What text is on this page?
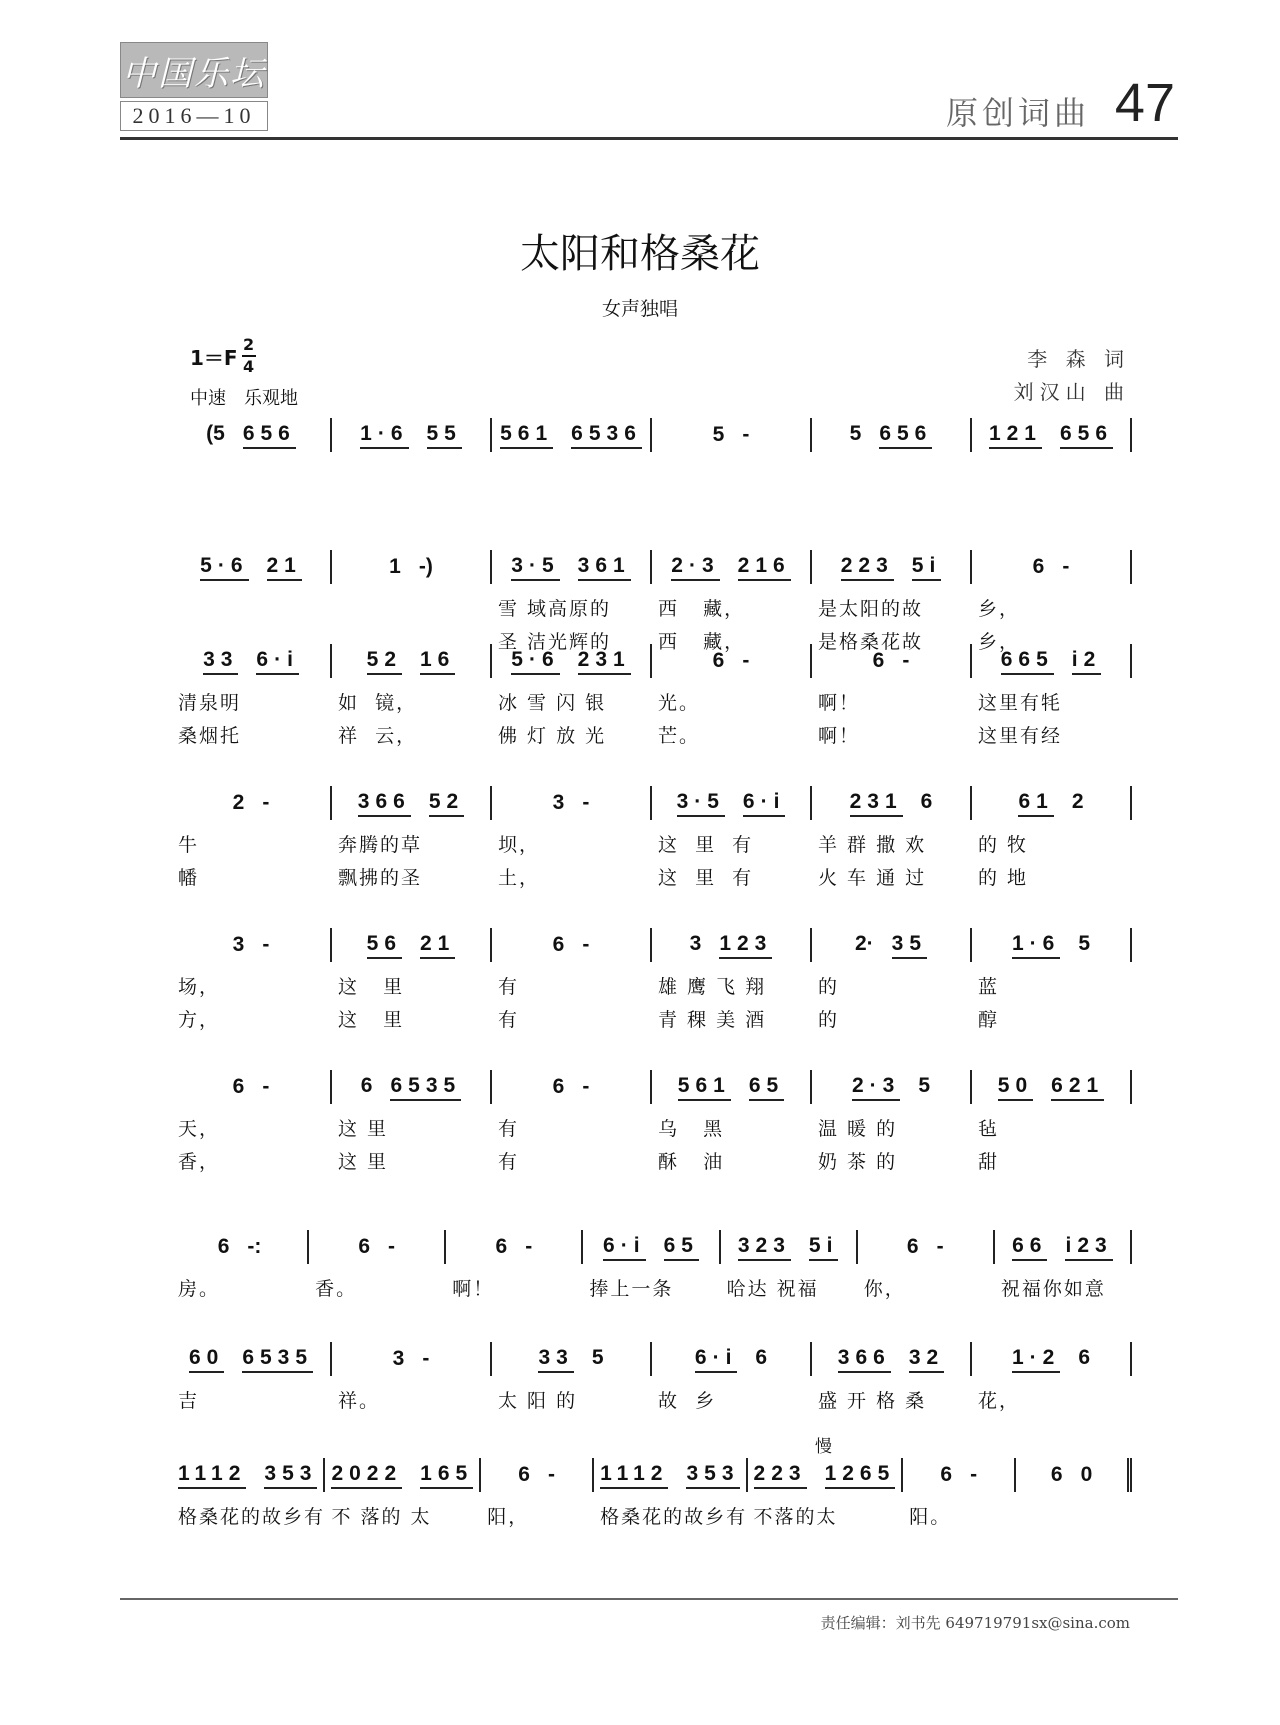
中国乐坛
2016—10	原创词曲 47
太阳和格桑花
女声独唱
$1=F \frac{2}{4}$
中速　乐观地
李 森 词
刘汉山 曲
(5 656	1·6 55 561 6536	5 -	5 656	121 656
5·6 21	1 -)	3·5 361
雪 域高原的
圣 洁光辉的
2·3 216
西   藏，
西   藏，
223 5i
是太阳的故
是格桑花故
6 -
乡，
乡，
33 6·i
清泉明
桑烟托
52 16
如  镜，
祥  云，
5·6 231
冰 雪 闪 银
佛 灯 放 光
6 -
光。
芒。
6 -
啊！
啊！
665 i2
这里有牦
这里有经
2 -
牛
幡
366 52
奔腾的草
飘拂的圣
3 -
坝，
土，
3·5 6·i
这  里  有
这  里  有
231 6
羊 群 撒 欢
火 车 通 过
61 2
的 牧
的 地
3 -
场，
方，
56 21
这   里
这   里
6 -
有
有
3 123
雄 鹰 飞 翔
青 稞 美 酒
2· 35
的
的
1·6 5
蓝
醇
6 -
天，
香，
6 6535
这 里
这 里
6 -
有
有
561 65
乌   黑
酥   油
2·3 5
温 暖 的
奶 茶 的
50 621
毡
甜
6 -:
房。
6 -
香。
6 -
啊！
6·i 65
捧上一条
323 5i
哈达 祝福
6 -
你，
66 i23
祝福你如意
60 6535
吉
3 -
祥。
33 5
太 阳 的
6·i 6
故  乡
366 32
盛 开 格 桑
1·2 6
花，
1112 353
格桑花的故乡有
2022 165
不 落的 太
6 -
阳，
1112 353
格桑花的故乡有
223 1265
不落的太
6 -
阳。
6 0
慢
责任编辑：刘书先 649719791sx@sina.com
